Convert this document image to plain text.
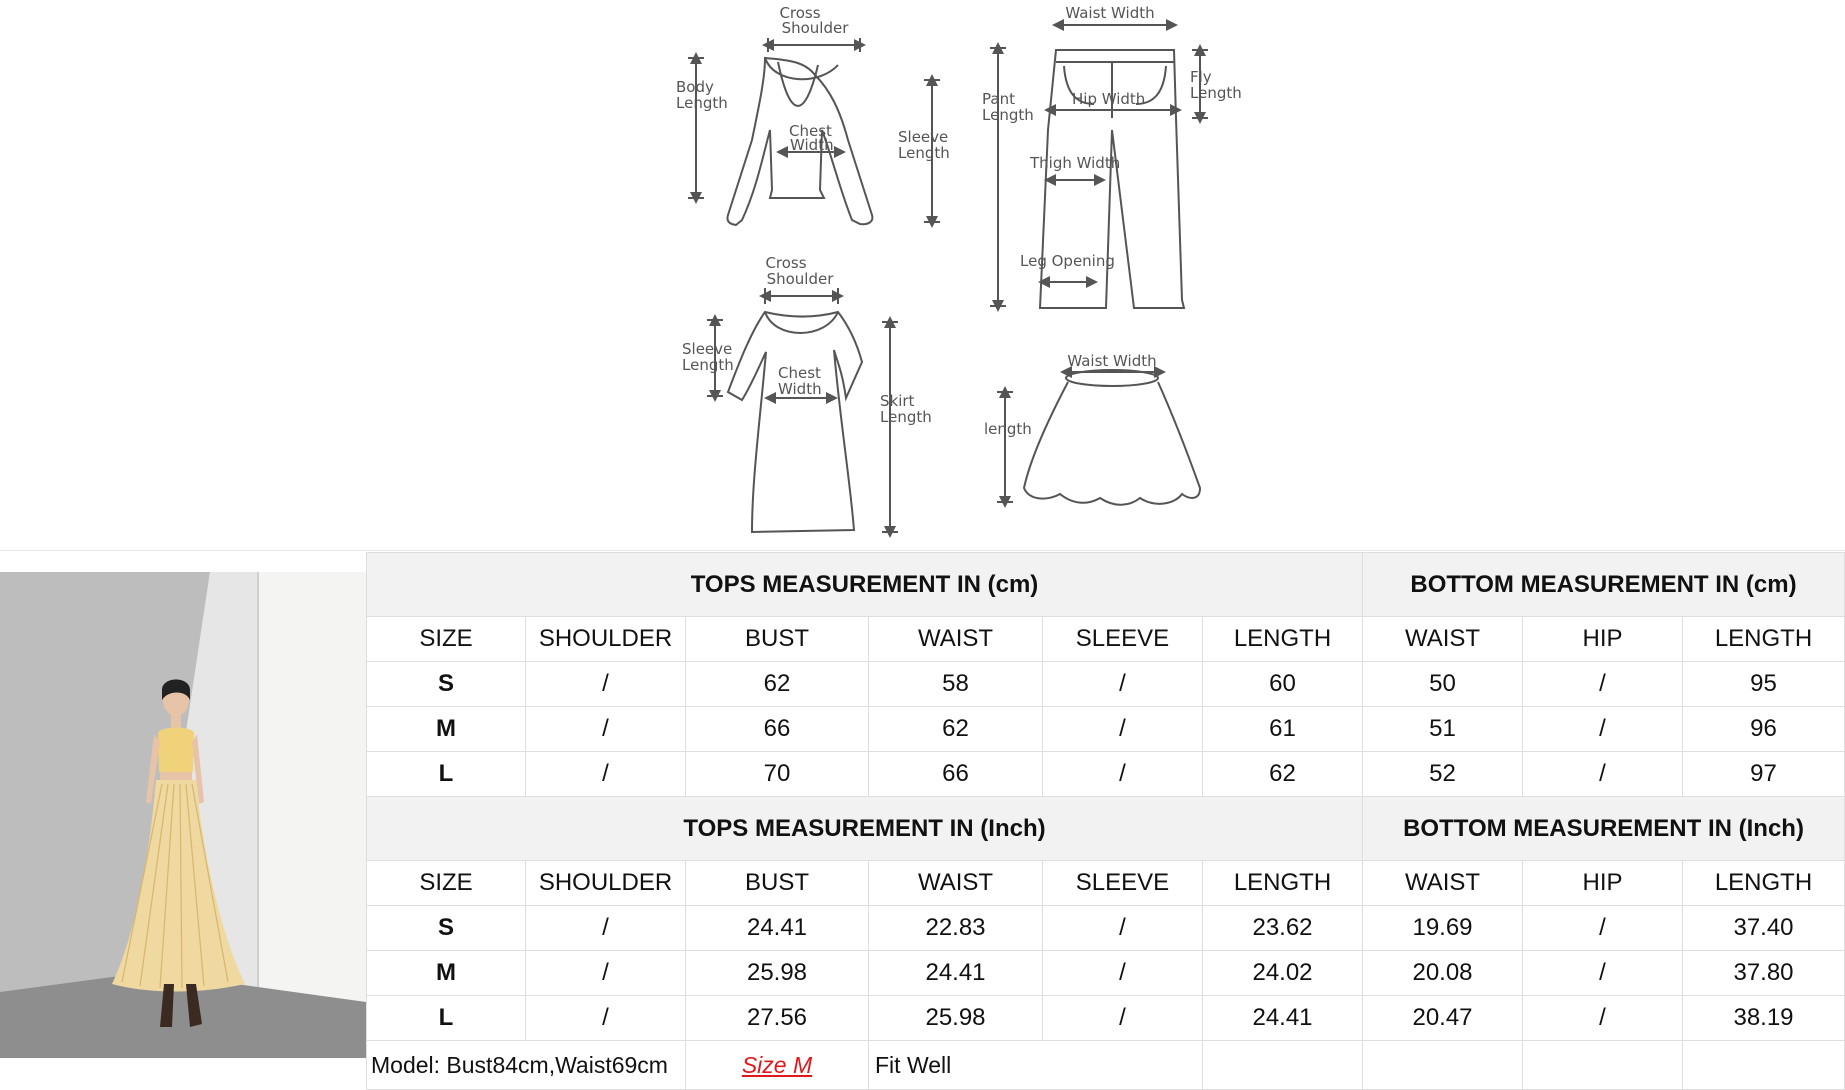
Cross
Shoulder
Body
Length
Chest
Width	Sleeve
Length
Waist Width
Pant
Length
Hip Width
Fly
Length
Thigh Width
Leg Opening
Cross
Shoulder
Sleeve
Length	Chest
Width
Skirt
Length
Waist Width
length
TOPS MEASUREMENT IN (cm)						BOTTOM MEASUREMENT IN (cm)		
SIZE	SHOULDER	BUST	WAIST	SLEEVE	LENGTH	WAIST	HIP	LENGTH
S	/	62	58	/	60	50	/	95
M	/	66	62	/	61	51	/	96
L	/	70	66	/	62	52	/	97
TOPS MEASUREMENT IN (Inch)						BOTTOM MEASUREMENT IN (Inch)		
SIZE	SHOULDER	BUST	WAIST	SLEEVE	LENGTH	WAIST	HIP	LENGTH
S	/	24.41	22.83	/	23.62	19.69	/	37.40
M	/	25.98	24.41	/	24.02	20.08	/	37.80
L	/	27.56	25.98	/	24.41	20.47	/	38.19
Model: Bust84cm,Waist69cm		Size M	Fit Well					
